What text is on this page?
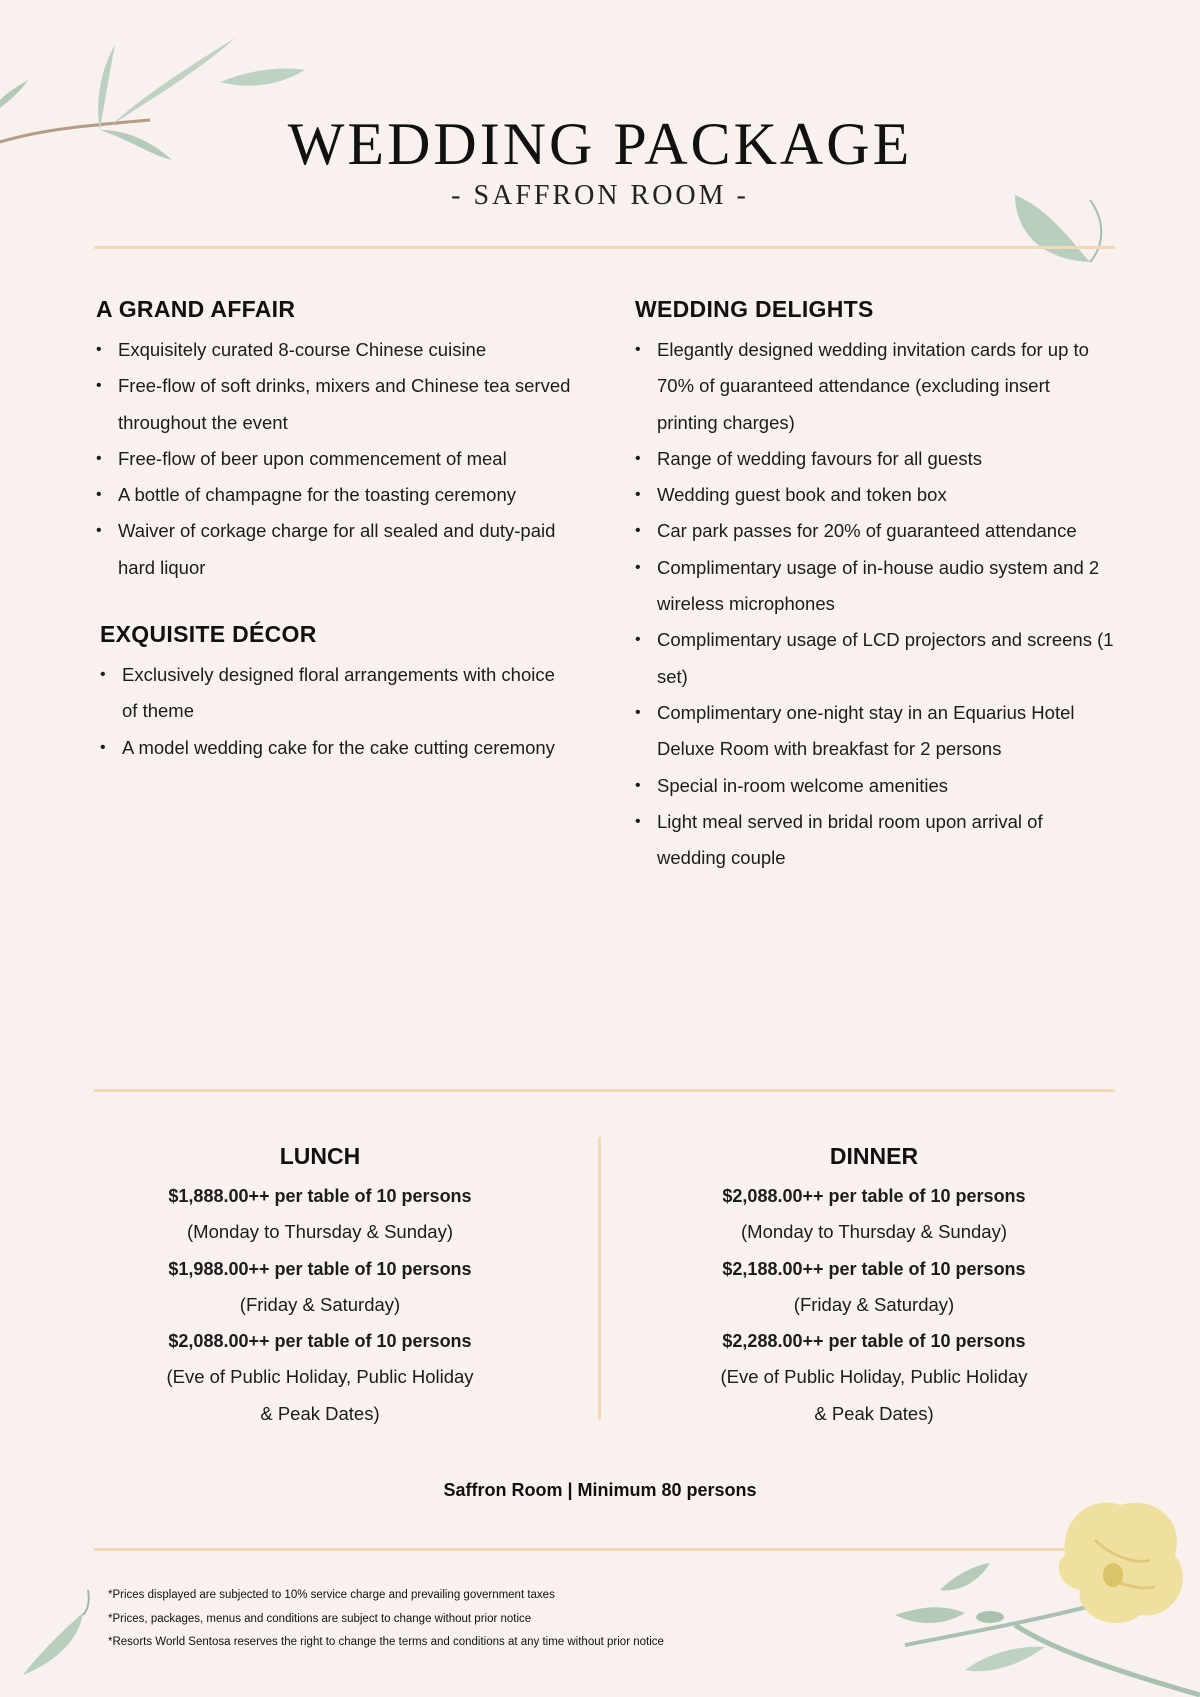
WEDDING PACKAGE
- SAFFRON ROOM -
A GRAND AFFAIR
• Exquisitely curated 8-course Chinese cuisine
• Free-flow of soft drinks, mixers and Chinese tea served throughout the event
• Free-flow of beer upon commencement of meal
• A bottle of champagne for the toasting ceremony
• Waiver of corkage charge for all sealed and duty-paid hard liquor
EXQUISITE DÉCOR
• Exclusively designed floral arrangements with choice of theme
• A model wedding cake for the cake cutting ceremony
WEDDING DELIGHTS
• Elegantly designed wedding invitation cards for up to 70% of guaranteed attendance (excluding insert printing charges)
• Range of wedding favours for all guests
• Wedding guest book and token box
• Car park passes for 20% of guaranteed attendance
• Complimentary usage of in-house audio system and 2 wireless microphones
• Complimentary usage of LCD projectors and screens (1 set)
• Complimentary one-night stay in an Equarius Hotel Deluxe Room with breakfast for 2 persons
• Special in-room welcome amenities
• Light meal served in bridal room upon arrival of wedding couple
LUNCH
$1,888.00++ per table of 10 persons
(Monday to Thursday & Sunday)
$1,988.00++ per table of 10 persons
(Friday & Saturday)
$2,088.00++ per table of 10 persons
(Eve of Public Holiday, Public Holiday
& Peak Dates)
DINNER
$2,088.00++ per table of 10 persons
(Monday to Thursday & Sunday)
$2,188.00++ per table of 10 persons
(Friday & Saturday)
$2,288.00++ per table of 10 persons
(Eve of Public Holiday, Public Holiday
& Peak Dates)
Saffron Room | Minimum 80 persons
*Prices displayed are subjected to 10% service charge and prevailing government taxes
*Prices, packages, menus and conditions are subject to change without prior notice
*Resorts World Sentosa reserves the right to change the terms and conditions at any time without prior notice
